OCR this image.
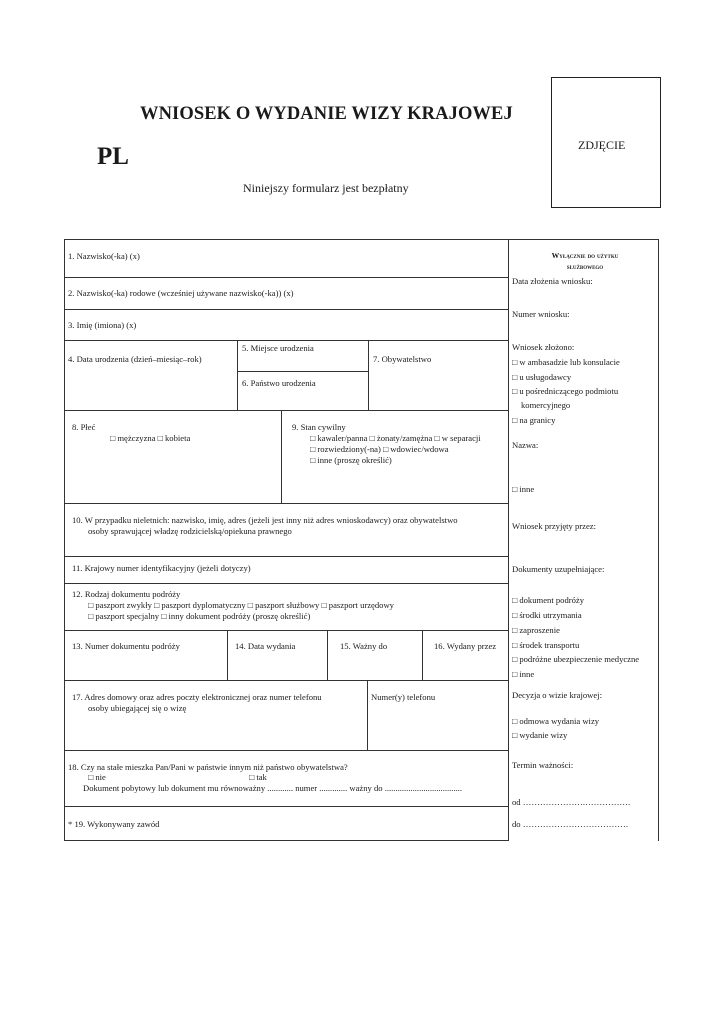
WNIOSEK O WYDANIE WIZY KRAJOWEJ
PL
Niniejszy formularz jest bezpłatny
ZDJĘCIE
1. Nazwisko(-ka) (x)
2. Nazwisko(-ka) rodowe (wcześniej używane nazwisko(-ka)) (x)
3. Imię (imiona) (x)
4. Data urodzenia (dzień–miesiąc–rok)
5. Miejsce urodzenia
6. Państwo urodzenia
7. Obywatelstwo
8. Płeć
□ mężczyzna □ kobieta
9. Stan cywilny
□ kawaler/panna □ żonaty/zamężna □ w separacji
□ rozwiedziony(-na) □ wdowiec/wdowa
□ inne (proszę określić)
10. W przypadku nieletnich: nazwisko, imię, adres (jeżeli jest inny niż adres wnioskodawcy) oraz obywatelstwo
osoby sprawującej władzę rodzicielską/opiekuna prawnego
11. Krajowy numer identyfikacyjny (jeżeli dotyczy)
12. Rodzaj dokumentu podróży
□ paszport zwykły □ paszport dyplomatyczny □ paszport służbowy □ paszport urzędowy
□ paszport specjalny □ inny dokument podróży (proszę określić)
13. Numer dokumentu podróży	14. Data wydania	15. Ważny do	16. Wydany przez
17. Adres domowy oraz adres poczty elektronicznej oraz numer telefonu
osoby ubiegającej się o wizę
Numer(y) telefonu
18. Czy na stałe mieszka Pan/Pani w państwie innym niż państwo obywatelstwa?
□ nie	□ tak
Dokument pobytowy lub dokument mu równoważny ............ numer ............. ważny do ....................................
* 19. Wykonywany zawód
Wyłącznie do użytku
służbowego
Data złożenia wniosku:
Numer wniosku:
Wniosek złożono:
□ w ambasadzie lub konsulacie
□ u usługodawcy
□ u pośredniczącego podmiotu
komercyjnego
□ na granicy
Nazwa:
□ inne
Wniosek przyjęty przez:
Dokumenty uzupełniające:
□ dokument podróży
□ środki utrzymania
□ zaproszenie
□ środek transportu
□ podróżne ubezpieczenie medyczne
□ inne
Decyzja o wizie krajowej:
□ odmowa wydania wizy
□ wydanie wizy
Termin ważności:
od ………………….…………….
do ……………………………….
